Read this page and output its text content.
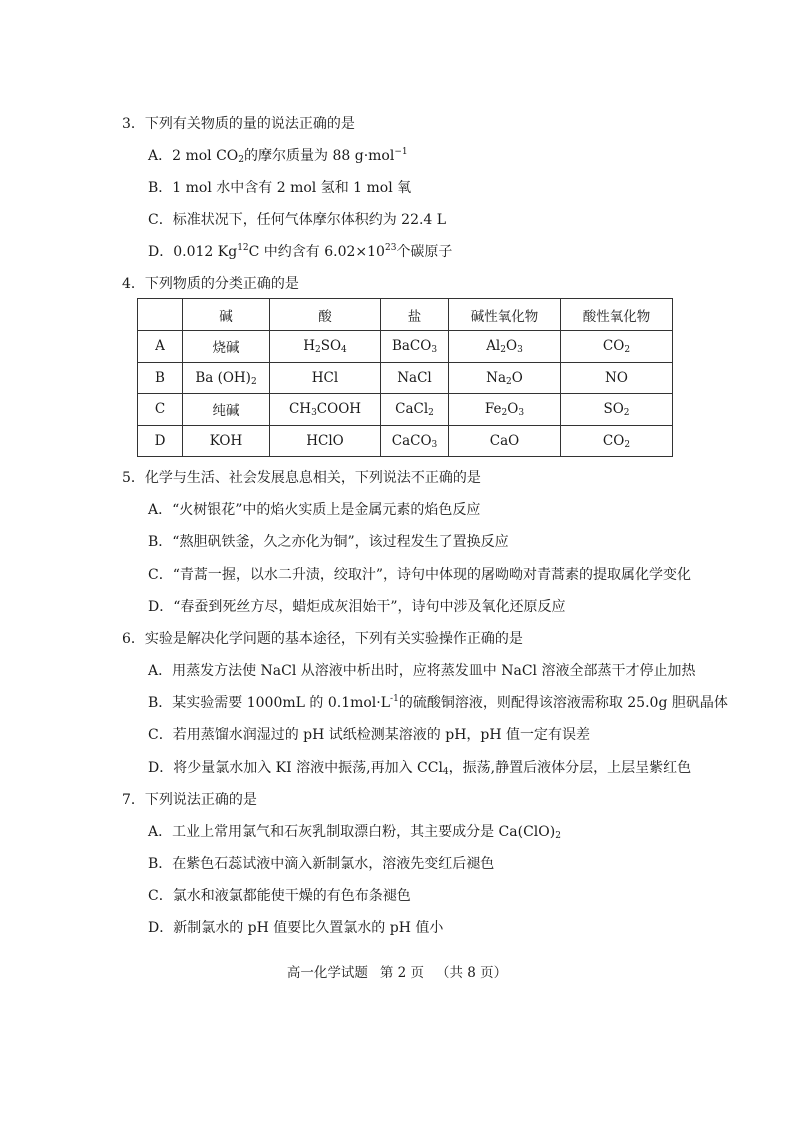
3．下列有关物质的量的说法正确的是
A．2 mol $CO_2$的摩尔质量为 88 g·mol$^{-1}$
B．1 mol 水中含有 2 mol 氢和 1 mol 氧
C．标准状况下，任何气体摩尔体积约为 22.4 L
D．0.012 Kg$^{12}$C 中约含有 $6.02\times 10^{23}$个碳原子
4．下列物质的分类正确的是
	碱	酸	盐	碱性氧化物	酸性氧化物
A	烧碱	$H_2SO_4$	BaCO$_3$	$Al_2O_3$	$CO_2$
B	Ba $(OH)_2$	HCl	NaCl	$Na_2O$	NO
C	纯碱	$CH_3COOH$	CaCl$_2$	$Fe_2O_3$	$SO_2$
D	KOH	HClO	CaCO$_3$	CaO	$CO_2$
5．化学与生活、社会发展息息相关，下列说法不正确的是
A．“火树银花”中的焰火实质上是金属元素的焰色反应
B．“熬胆矾铁釜，久之亦化为铜”，该过程发生了置换反应
C．“青蒿一握，以水二升渍，绞取汁”，诗句中体现的屠呦呦对青蒿素的提取属化学变化
D．“春蚕到死丝方尽，蜡炬成灰泪始干”，诗句中涉及氧化还原反应
6．实验是解决化学问题的基本途径，下列有关实验操作正确的是
A．用蒸发方法使 NaCl 从溶液中析出时，应将蒸发皿中 NaCl 溶液全部蒸干才停止加热
B．某实验需要 1000mL 的 $0.1mol\cdot L^{-1}$的硫酸铜溶液，则配得该溶液需称取 25.0g 胆矾晶体
C．若用蒸馏水润湿过的 pH 试纸检测某溶液的 pH，pH 值一定有误差
D．将少量氯水加入 KI 溶液中振荡,再加入 CCl$_4$，振荡,静置后液体分层，上层呈紫红色
7．下列说法正确的是
A．工业上常用氯气和石灰乳制取漂白粉，其主要成分是 $Ca(ClO)_2$
B．在紫色石蕊试液中滴入新制氯水，溶液先变红后褪色
C．氯水和液氯都能使干燥的有色布条褪色
D．新制氯水的 pH 值要比久置氯水的 pH 值小
高一化学试题 第 2 页 （共 8 页）
